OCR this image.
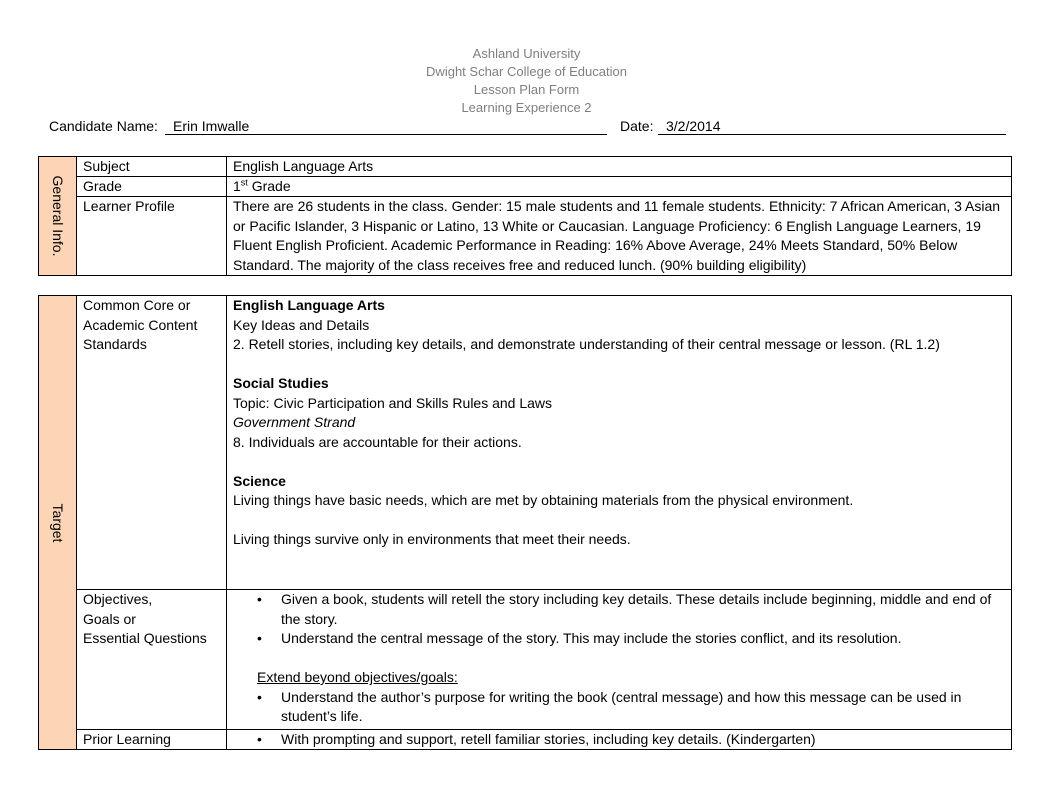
Ashland University
Dwight Schar College of Education
Lesson Plan Form
Learning Experience 2
Candidate Name:	Erin Imwalle	Date: 3/2/2014
General Info.
Subject	English Language Arts
Grade	1st Grade
Learner Profile	There are 26 students in the class. Gender: 15 male students and 11 female students. Ethnicity: 7 African American, 3 Asian or Pacific Islander, 3 Hispanic or Latino, 13 White or Caucasian. Language Proficiency: 6 English Language Learners, 19 Fluent English Proficient. Academic Performance in Reading: 16% Above Average, 24% Meets Standard, 50% Below Standard. The majority of the class receives free and reduced lunch. (90% building eligibility)
Target
Common Core or Academic Content Standards

English Language Arts

Key Ideas and Details

2. Retell stories, including key details, and demonstrate understanding of their central message or lesson. (RL 1.2)

Social Studies

Topic: Civic Participation and Skills Rules and Laws

Government Strand

8. Individuals are accountable for their actions.

Science

Living things have basic needs, which are met by obtaining materials from the physical environment.

Living things survive only in environments that meet their needs.

Objectives,

Goals or

Essential Questions

• Given a book, students will retell the story including key details. These details include beginning, middle and end of the story.
• Understand the central message of the story. This may include the stories conflict, and its resolution.

Extend beyond objectives/goals:

• Understand the author’s purpose for writing the book (central message) and how this message can be used in student’s life.
Prior Learning
•	With prompting and support, retell familiar stories, including key details. (Kindergarten)
